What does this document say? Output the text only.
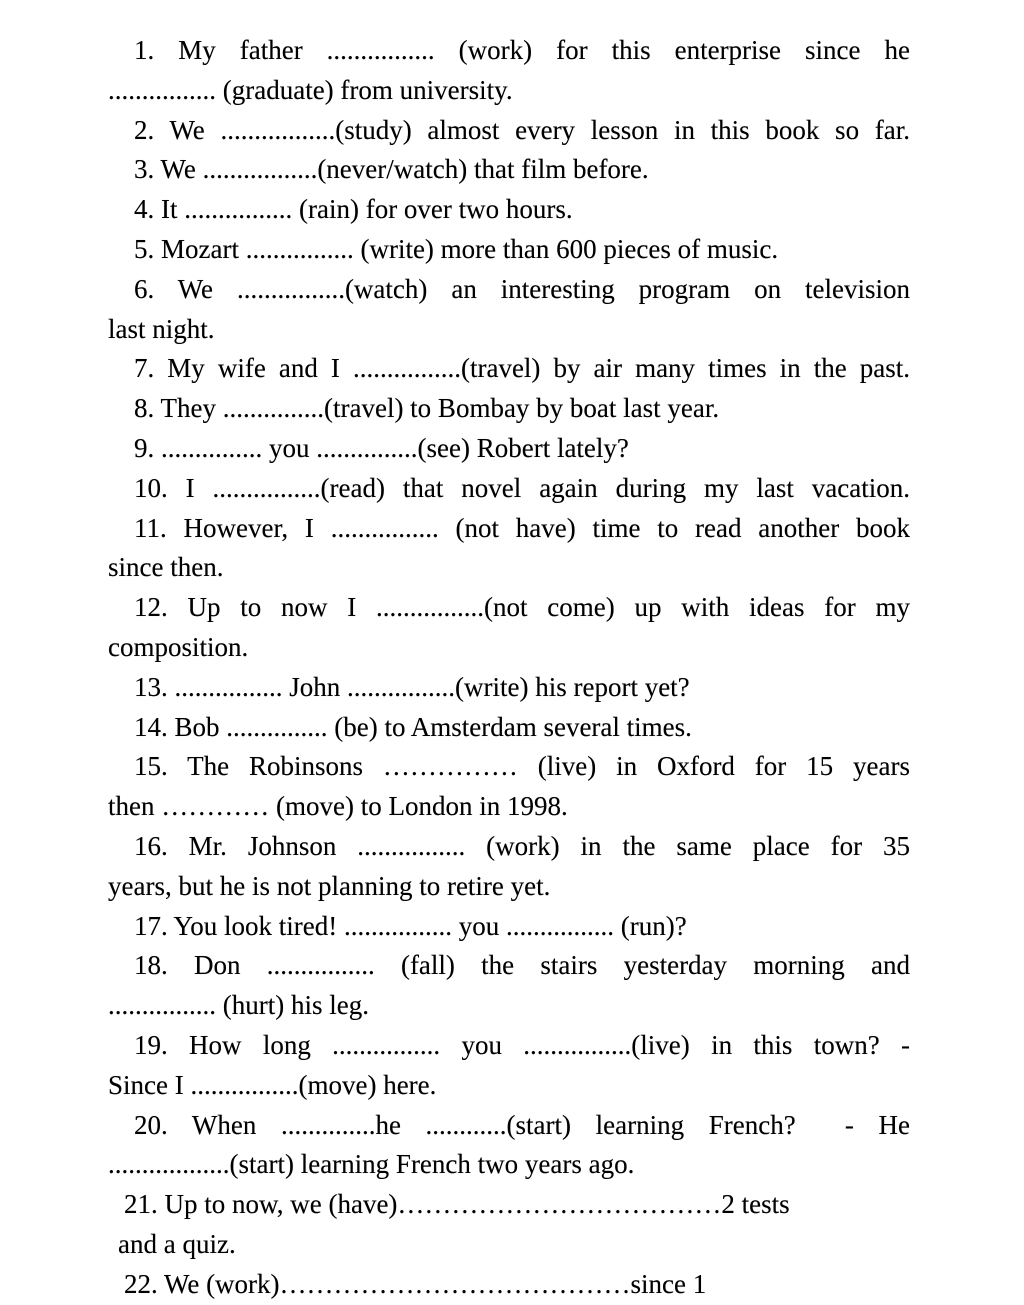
1. My father ................ (work) for this enterprise since he
................ (graduate) from university.
2. We .................(study) almost every lesson in this book so far.
3. We .................(never/watch) that film before.
4. It ................ (rain) for over two hours.
5. Mozart ................ (write) more than 600 pieces of music.
6. We ................(watch) an interesting program on television
last night.
7. My wife and I ................(travel) by air many times in the past.
8. They ...............(travel) to Bombay by boat last year.
9. ............... you ...............(see) Robert lately?
10. I ................(read) that novel again during my last vacation.
11. However, I ................ (not have) time to read another book
since then.
12. Up to now I ................(not come) up with ideas for my
composition.
13. ................ John ................(write) his report yet?
14. Bob ............... (be) to Amsterdam several times.
15. The Robinsons …………… (live) in Oxford for 15 years
then ………… (move) to London in 1998.
16. Mr. Johnson ................ (work) in the same place for 35
years, but he is not planning to retire yet.
17. You look tired! ................ you ................ (run)?
18. Don ................ (fall) the stairs yesterday morning and
................ (hurt) his leg.
19. How long ................ you ................(live) in this town? -
Since I ................(move) here.
20. When ..............he ............(start) learning French?  - He
..................(start) learning French two years ago.
21. Up to now, we (have)………………………………2 tests
and a quiz.
22. We (work)…………………………………since 1
